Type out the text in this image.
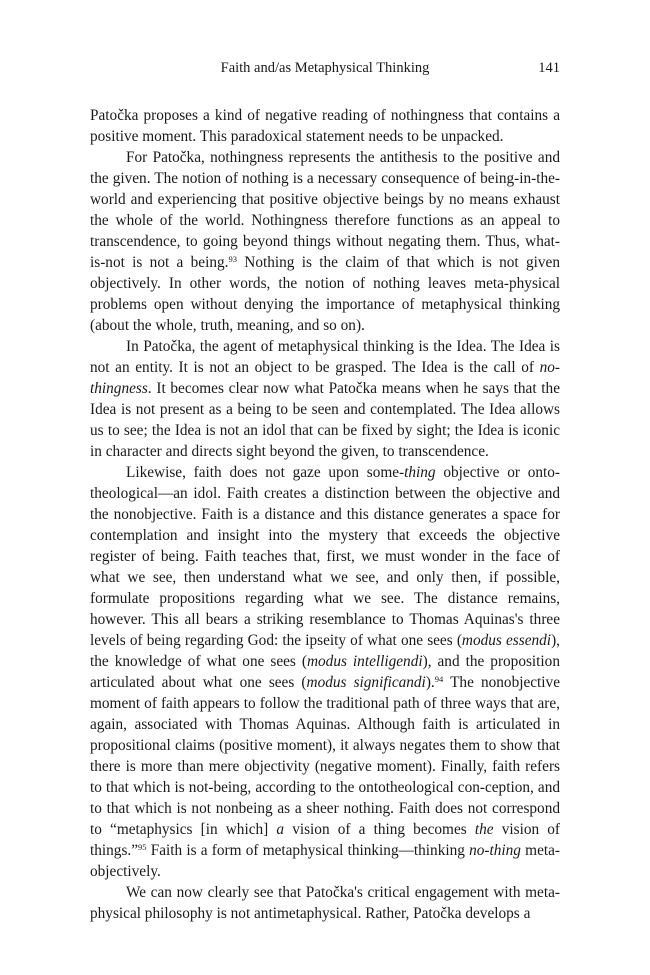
Faith and/as Metaphysical Thinking	141

Patočka proposes a kind of negative reading of nothingness that contains a positive moment. This paradoxical statement needs to be unpacked.

For Patočka, nothingness represents the antithesis to the positive and the given. The notion of nothing is a necessary consequence of being-in-the-world and experiencing that positive objective beings by no means exhaust the whole of the world. Nothingness therefore functions as an appeal to transcendence, to going beyond things without negating them. Thus, what-is-not is not a being.$^{93}$ Nothing is the claim of that which is not given objectively. In other words, the notion of nothing leaves meta-physical problems open without denying the importance of metaphysical thinking (about the whole, truth, meaning, and so on).

In Patočka, the agent of metaphysical thinking is the Idea. The Idea is not an entity. It is not an object to be grasped. The Idea is the call of no-thingness. It becomes clear now what Patočka means when he says that the Idea is not present as a being to be seen and contemplated. The Idea allows us to see; the Idea is not an idol that can be fixed by sight; the Idea is iconic in character and directs sight beyond the given, to transcendence.

Likewise, faith does not gaze upon some-thing objective or onto-theological—an idol. Faith creates a distinction between the objective and the nonobjective. Faith is a distance and this distance generates a space for contemplation and insight into the mystery that exceeds the objective register of being. Faith teaches that, first, we must wonder in the face of what we see, then understand what we see, and only then, if possible, formulate propositions regarding what we see. The distance remains, however. This all bears a striking resemblance to Thomas Aquinas's three levels of being regarding God: the ipseity of what one sees (modus essendi), the knowledge of what one sees (modus intelligendi), and the proposition articulated about what one sees (modus significandi).$^{94}$ The nonobjective moment of faith appears to follow the traditional path of three ways that are, again, associated with Thomas Aquinas. Although faith is articulated in propositional claims (positive moment), it always negates them to show that there is more than mere objectivity (negative moment). Finally, faith refers to that which is not-being, according to the ontotheological con-ception, and to that which is not nonbeing as a sheer nothing. Faith does not correspond to “metaphysics [in which] a vision of a thing becomes the vision of things.”$^{95}$ Faith is a form of metaphysical thinking—thinking no-thing meta-objectively.

We can now clearly see that Patočka's critical engagement with meta-physical philosophy is not antimetaphysical. Rather, Patočka develops a
